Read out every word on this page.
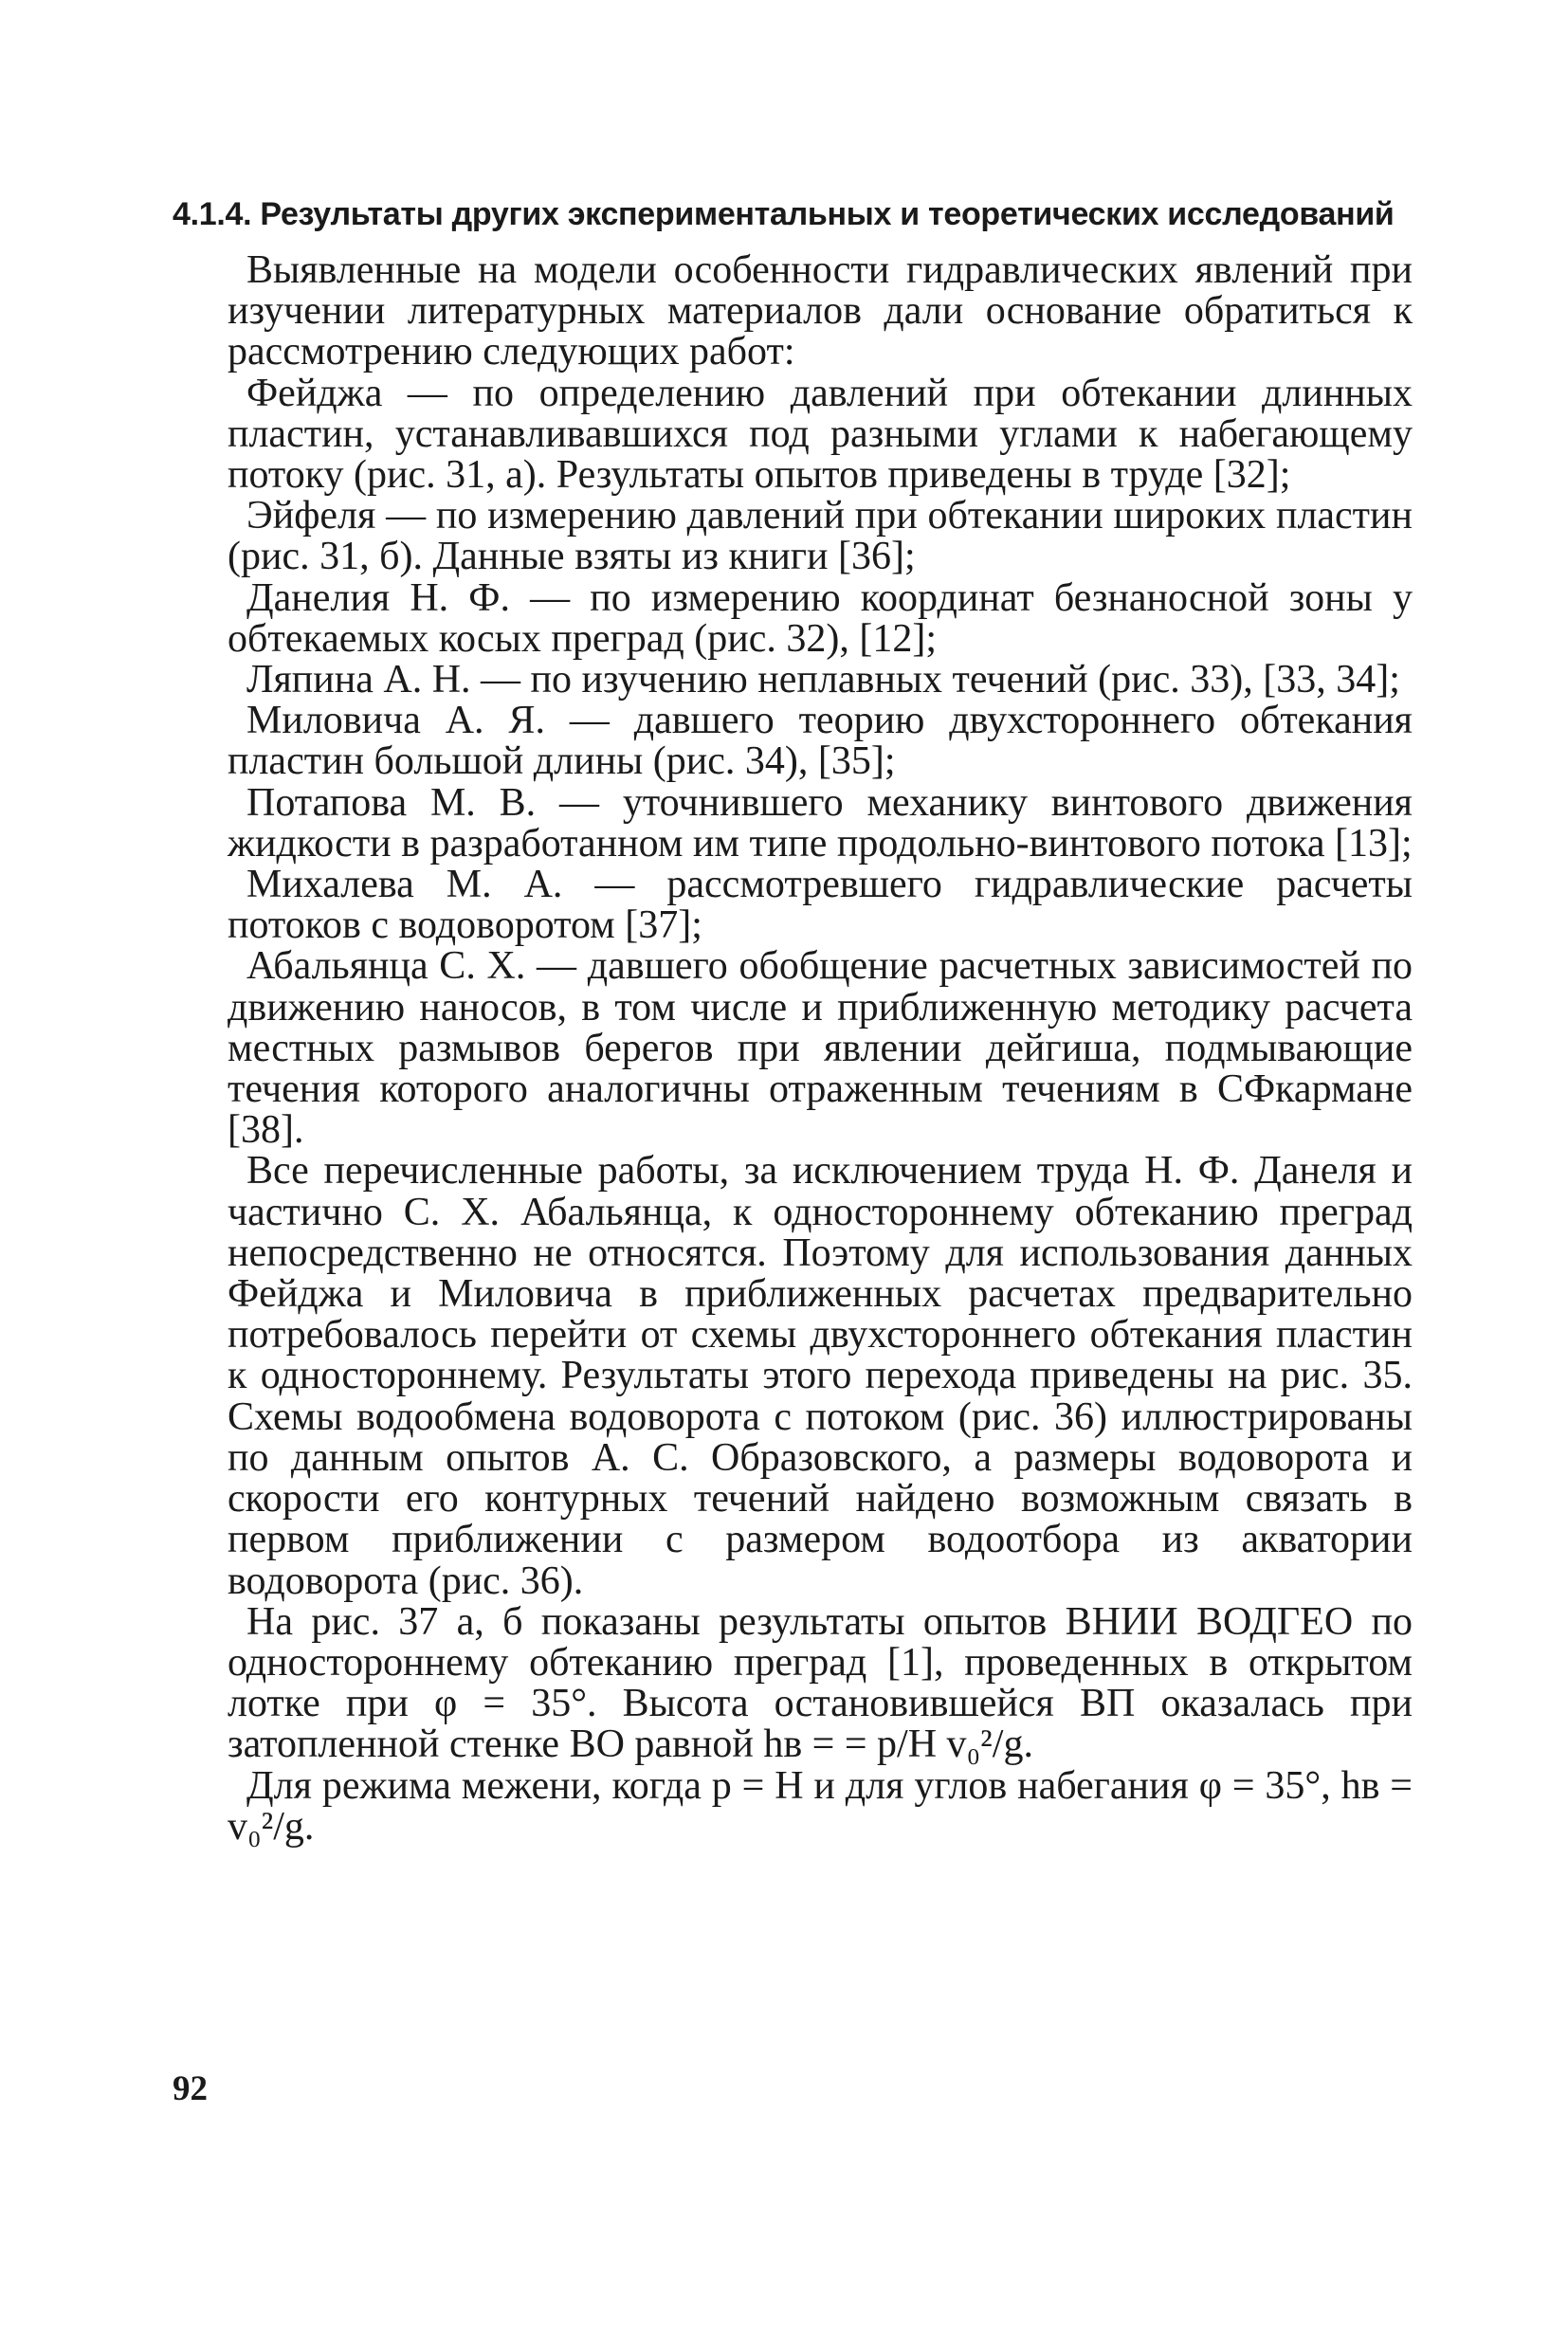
4.1.4. Результаты других экспериментальных и теоретических исследований

Выявленные на модели особенности гидравлических явлений при изучении литературных материалов дали основание обратиться к рассмотрению следующих работ:

Фейджа — по определению давлений при обтекании длинных пластин, устанавливавшихся под разными углами к набегающему потоку (рис. 31, а). Результаты опытов приведены в труде [32];

Эйфеля — по измерению давлений при обтекании широких пластин (рис. 31, б). Данные взяты из книги [36];

Данелия Н. Ф. — по измерению координат безнаносной зоны у обтекаемых косых преград (рис. 32), [12];

Ляпина А. Н. — по изучению неплавных течений (рис. 33), [33, 34];

Миловича А. Я. — давшего теорию двухстороннего обтекания пластин большой длины (рис. 34), [35];

Потапова М. В. — уточнившего механику винтового движения жидкости в разработанном им типе продольно-винтового потока [13];

Михалева М. А. — рассмотревшего гидравлические расчеты потоков с водоворотом [37];

Абальянца С. Х. — давшего обобщение расчетных зависимостей по движению наносов, в том числе и приближенную методику расчета местных размывов берегов при явлении дейгиша, подмывающие течения которого аналогичны отраженным течениям в СФкармане [38].

Все перечисленные работы, за исключением труда Н. Ф. Данеля и частично С. Х. Абальянца, к одностороннему обтеканию преград непосредственно не относятся. Поэтому для использования данных Фейджа и Миловича в приближенных расчетах предварительно потребовалось перейти от схемы двухстороннего обтекания пластин к одностороннему. Результаты этого перехода приведены на рис. 35. Схемы водообмена водоворота с потоком (рис. 36) иллюстрированы по данным опытов А. С. Образовского, а размеры водоворота и скорости его контурных течений найдено возможным связать в первом приближении с размером водоотбора из акватории водоворота (рис. 36).

На рис. 37 а, б показаны результаты опытов ВНИИ ВОДГЕО по одностороннему обтеканию преград [1], проведенных в открытом лотке при φ = 35°. Высота остановившейся ВП оказалась при затопленной стенке ВО равной hв = = p/H v₀²/g.

Для режима межени, когда p = H и для углов набегания φ = 35°, hв = v₀²/g.

92
